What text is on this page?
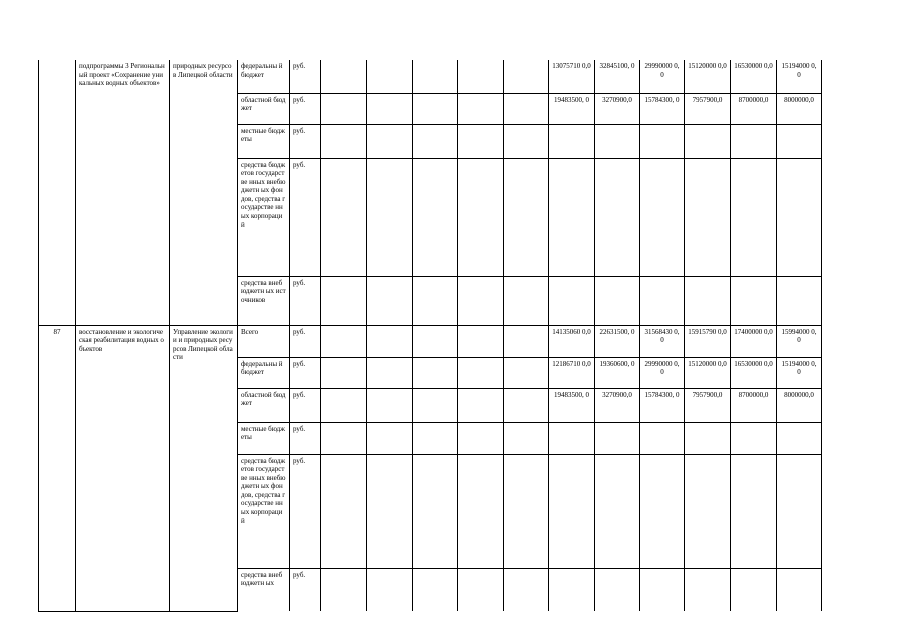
	подпрограммы 3 Региональный проект «Сохранение уникальных водных объектов»	природных ресурсов Липецкой области	федеральны й бюджет	руб.						13075710 0,0	32845100, 0	29990000 0,0	15120000 0,0	16530000 0,0	15194000 0,0
			областной бюджет	руб.						19483500, 0	3270900,0	15784300, 0	7957900,0	8700000,0	8000000,0
			местные бюджеты	руб.											
			средства бюджетов государстве нных внебюджетн ых фондов, средства государстве нных корпораций	руб.											
			средства внебюджетн ых источников	руб.											
87	восстановление и экологическая реабилитация водных объектов	Управление экологии и природных ресурсов Липецкой области	Всего	руб.						14135060 0,0	22631500, 0	31568430 0,0	15915790 0,0	17400000 0,0	15994000 0,0
			федеральны й бюджет	руб.						12186710 0,0	19360600, 0	29990000 0,0	15120000 0,0	16530000 0,0	15194000 0,0
			областной бюджет	руб.						19483500, 0	3270900,0	15784300, 0	7957900,0	8700000,0	8000000,0
			местные бюджеты	руб.											
			средства бюджетов государстве нных внебюджетн ых фондов, средства государстве нных корпораций	руб.											
			средства внебюджетн ых	руб.											
